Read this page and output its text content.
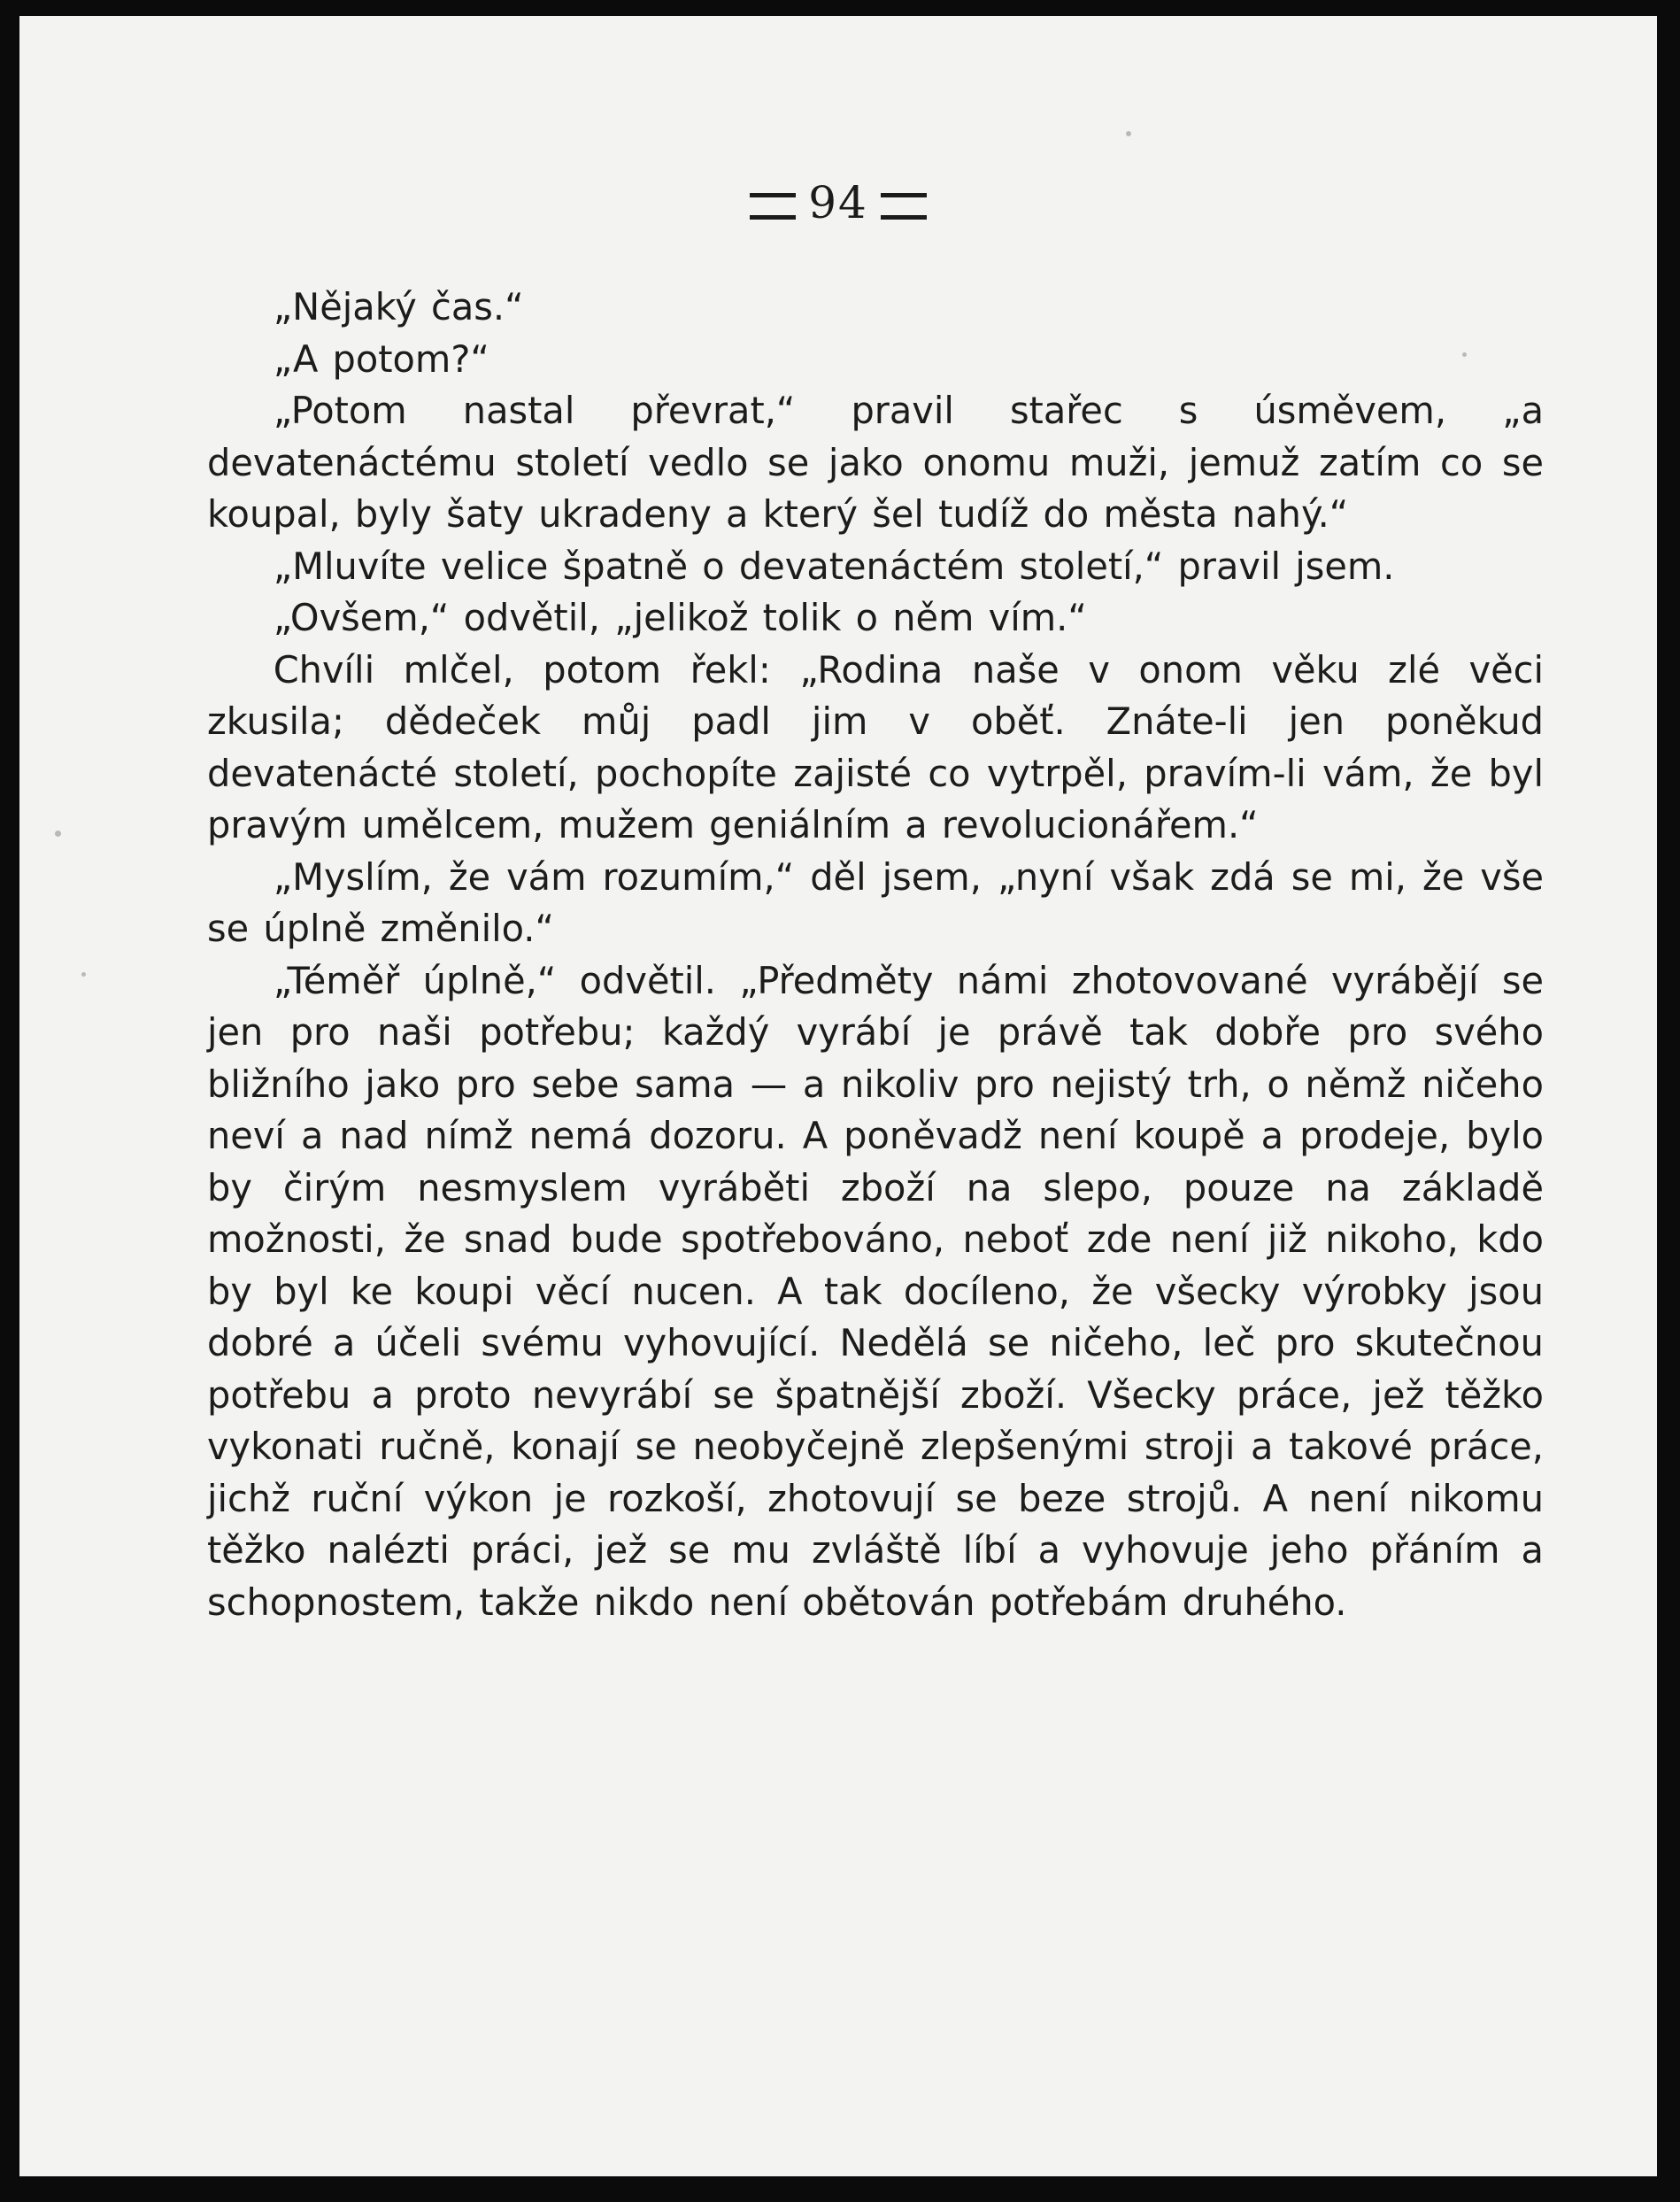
94

„Nějaký čas.“

„A potom?“

„Potom nastal převrat,“ pravil stařec s úsměvem, „a devatenáctému století vedlo se jako onomu muži, jemuž zatím co se koupal, byly šaty ukradeny a který šel tudíž do města nahý.“

„Mluvíte velice špatně o devatenáctém století,“ pravil jsem.

„Ovšem,“ odvětil, „jelikož tolik o něm vím.“

Chvíli mlčel, potom řekl: „Rodina naše v onom věku zlé věci zkusila; dědeček můj padl jim v oběť. Znáte-li jen poněkud devatenácté století, pochopíte zajisté co vytrpěl, pravím-li vám, že byl pravým umělcem, mužem geniálním a revolucionářem.“

„Myslím, že vám rozumím,“ děl jsem, „nyní však zdá se mi, že vše se úplně změnilo.“

„Téměř úplně,“ odvětil. „Předměty námi zhotovované vyrábějí se jen pro naši potřebu; každý vyrábí je právě tak dobře pro svého bližního jako pro sebe sama — a nikoliv pro nejistý trh, o němž ničeho neví a nad nímž nemá dozoru. A poněvadž není koupě a prodeje, bylo by čirým nesmyslem vyráběti zboží na slepo, pouze na základě možnosti, že snad bude spotřebováno, neboť zde není již nikoho, kdo by byl ke koupi věcí nucen. A tak docíleno, že všecky výrobky jsou dobré a účeli svému vyhovující. Nedělá se ničeho, leč pro skutečnou potřebu a proto nevyrábí se špatnější zboží. Všecky práce, jež těžko vykonati ručně, konají se neobyčejně zlepšenými stroji a takové práce, jichž ruční výkon je rozkoší, zhotovují se beze strojů. A není nikomu těžko nalézti práci, jež se mu zvláště líbí a vyhovuje jeho přáním a schopnostem, takže nikdo není obětován potřebám druhého.
